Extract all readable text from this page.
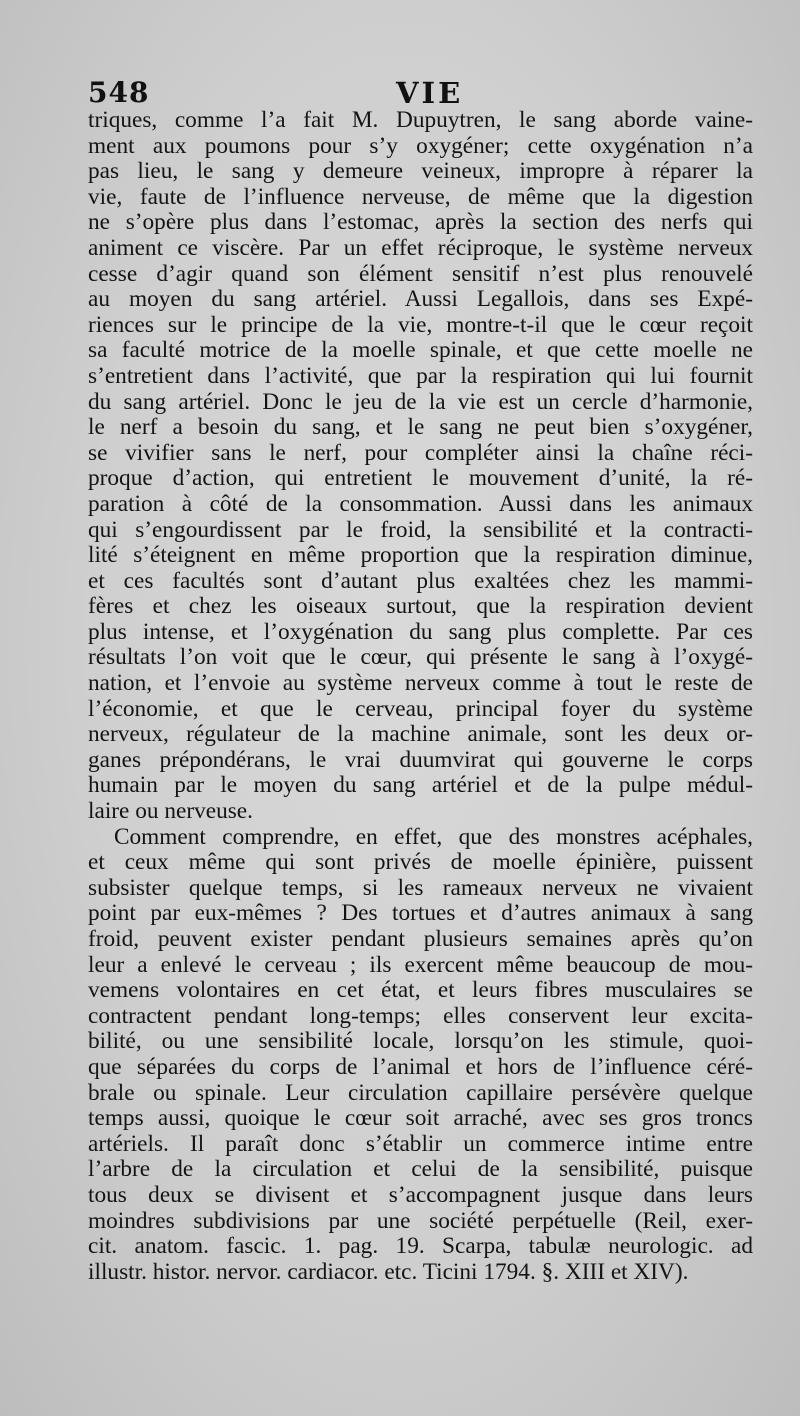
548	VIE
triques, comme l’a fait M. Dupuytren, le sang aborde vaine-
ment aux poumons pour s’y oxygéner; cette oxygénation n’a
pas lieu, le sang y demeure veineux, impropre à réparer la
vie, faute de l’influence nerveuse, de même que la digestion
ne s’opère plus dans l’estomac, après la section des nerfs qui
animent ce viscère. Par un effet réciproque, le système nerveux
cesse d’agir quand son élément sensitif n’est plus renouvelé
au moyen du sang artériel. Aussi Legallois, dans ses Expé-
riences sur le principe de la vie, montre-t-il que le cœur reçoit
sa faculté motrice de la moelle spinale, et que cette moelle ne
s’entretient dans l’activité, que par la respiration qui lui fournit
du sang artériel. Donc le jeu de la vie est un cercle d’harmonie,
le nerf a besoin du sang, et le sang ne peut bien s’oxygéner,
se vivifier sans le nerf, pour compléter ainsi la chaîne réci-
proque d’action, qui entretient le mouvement d’unité, la ré-
paration à côté de la consommation. Aussi dans les animaux
qui s’engourdissent par le froid, la sensibilité et la contracti-
lité s’éteignent en même proportion que la respiration diminue,
et ces facultés sont d’autant plus exaltées chez les mammi-
fères et chez les oiseaux surtout, que la respiration devient
plus intense, et l’oxygénation du sang plus complette. Par ces
résultats l’on voit que le cœur, qui présente le sang à l’oxygé-
nation, et l’envoie au système nerveux comme à tout le reste de
l’économie, et que le cerveau, principal foyer du système
nerveux, régulateur de la machine animale, sont les deux or-
ganes prépondérans, le vrai duumvirat qui gouverne le corps
humain par le moyen du sang artériel et de la pulpe médul-
laire ou nerveuse.
Comment comprendre, en effet, que des monstres acéphales,
et ceux même qui sont privés de moelle épinière, puissent
subsister quelque temps, si les rameaux nerveux ne vivaient
point par eux-mêmes ? Des tortues et d’autres animaux à sang
froid, peuvent exister pendant plusieurs semaines après qu’on
leur a enlevé le cerveau ; ils exercent même beaucoup de mou-
vemens volontaires en cet état, et leurs fibres musculaires se
contractent pendant long-temps; elles conservent leur excita-
bilité, ou une sensibilité locale, lorsqu’on les stimule, quoi-
que séparées du corps de l’animal et hors de l’influence céré-
brale ou spinale. Leur circulation capillaire persévère quelque
temps aussi, quoique le cœur soit arraché, avec ses gros troncs
artériels. Il paraît donc s’établir un commerce intime entre
l’arbre de la circulation et celui de la sensibilité, puisque
tous deux se divisent et s’accompagnent jusque dans leurs
moindres subdivisions par une société perpétuelle (Reil, exer-
cit. anatom. fascic. 1. pag. 19. Scarpa, tabulæ neurologic. ad
illustr. histor. nervor. cardiacor. etc. Ticini 1794. §. XIII et XIV).
